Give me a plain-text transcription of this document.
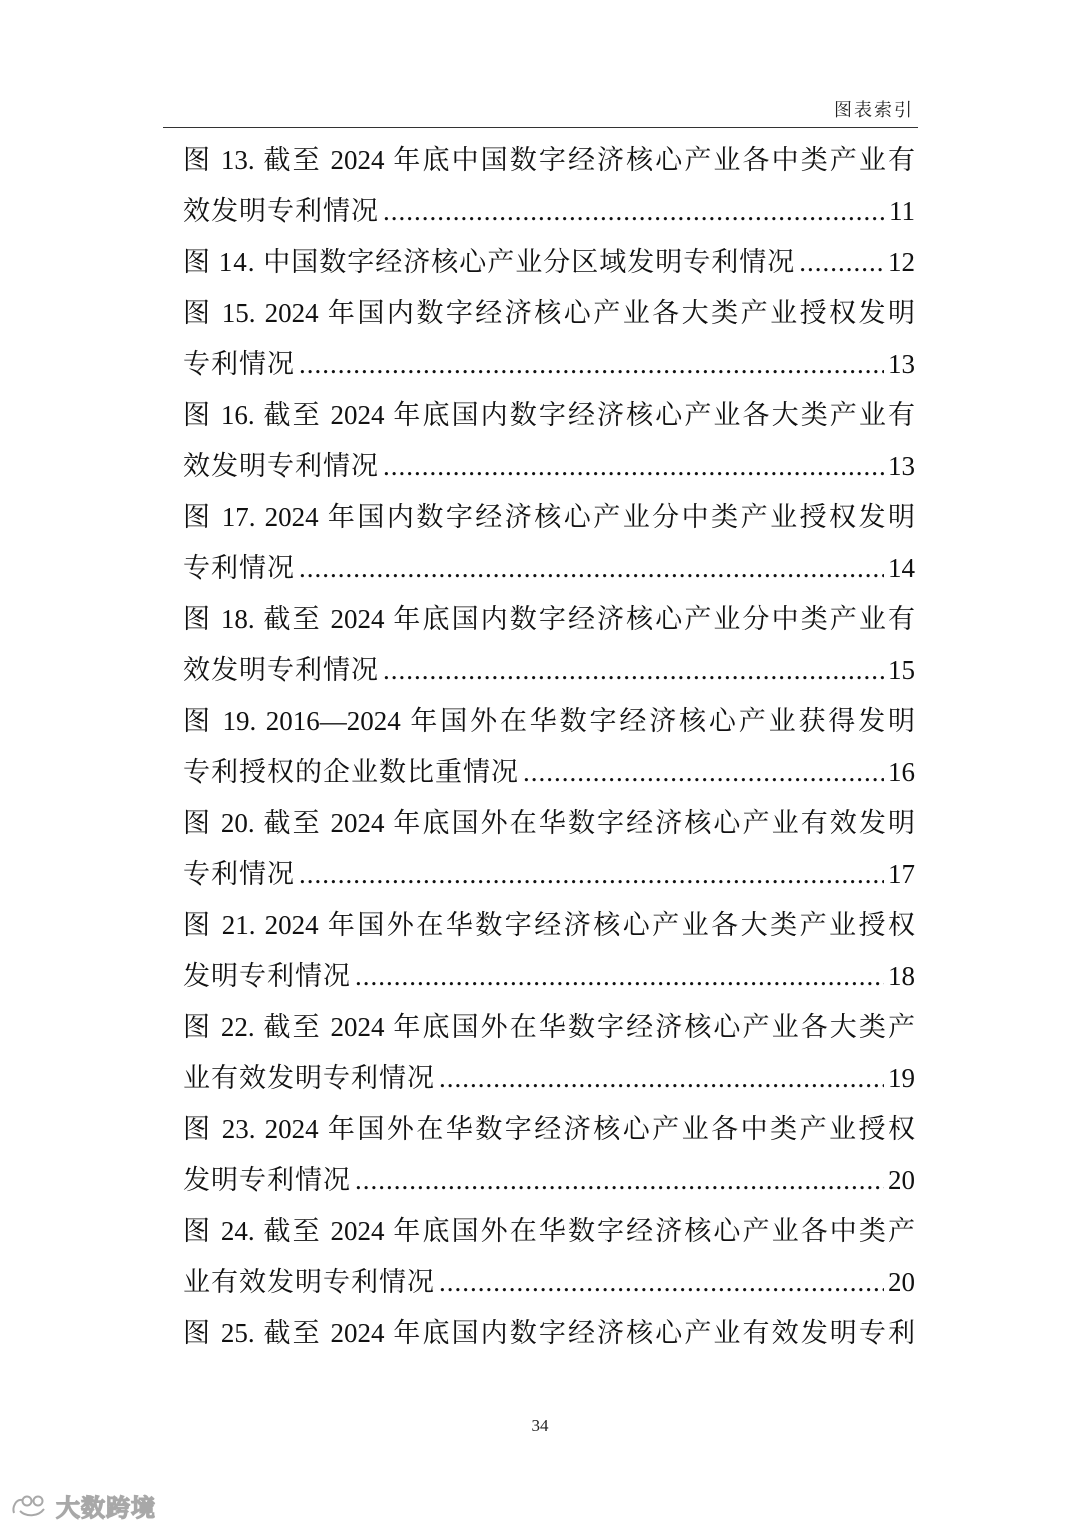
图表索引
图 13. 截至 2024 年底中国数字经济核心产业各中类产业有
效发明专利情况 .....	11
图 14. 中国数字经济核心产业分区域发明专利情况 .....	12
图 15. 2024 年国内数字经济核心产业各大类产业授权发明
专利情况 .....	13
图 16. 截至 2024 年底国内数字经济核心产业各大类产业有
效发明专利情况 .....	13
图 17. 2024 年国内数字经济核心产业分中类产业授权发明
专利情况 .....	14
图 18. 截至 2024 年底国内数字经济核心产业分中类产业有
效发明专利情况 .....	15
图 19. 2016—2024 年国外在华数字经济核心产业获得发明
专利授权的企业数比重情况 .....	16
图 20. 截至 2024 年底国外在华数字经济核心产业有效发明
专利情况 .....	17
图 21. 2024 年国外在华数字经济核心产业各大类产业授权
发明专利情况 .....	18
图 22. 截至 2024 年底国外在华数字经济核心产业各大类产
业有效发明专利情况 .....	19
图 23. 2024 年国外在华数字经济核心产业各中类产业授权
发明专利情况 .....	20
图 24. 截至 2024 年底国外在华数字经济核心产业各中类产
业有效发明专利情况 .....	20
图 25. 截至 2024 年底国内数字经济核心产业有效发明专利
34
大数跨境
